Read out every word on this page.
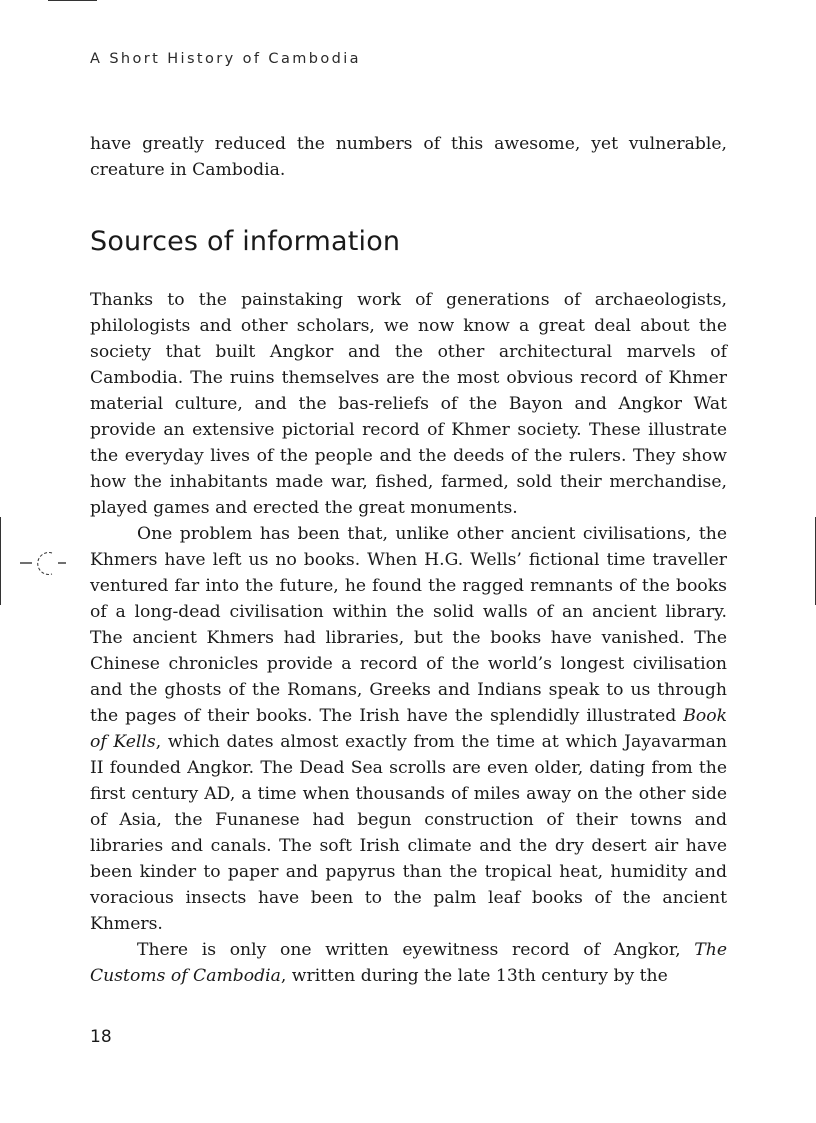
A Short History of Cambodia

have greatly reduced the numbers of this awesome, yet vulnerable, creature in Cambodia.

Sources of information

Thanks to the painstaking work of generations of archaeologists, philologists and other scholars, we now know a great deal about the society that built Angkor and the other architectural marvels of Cambodia. The ruins themselves are the most obvious record of Khmer material culture, and the bas-reliefs of the Bayon and Angkor Wat provide an extensive pictorial record of Khmer society. These illustrate the everyday lives of the people and the deeds of the rulers. They show how the inhabitants made war, fished, farmed, sold their merchandise, played games and erected the great monuments.

One problem has been that, unlike other ancient civilisations, the Khmers have left us no books. When H.G. Wells’ fictional time traveller ventured far into the future, he found the ragged remnants of the books of a long-dead civilisation within the solid walls of an ancient library. The ancient Khmers had libraries, but the books have vanished. The Chinese chronicles provide a record of the world’s longest civilisation and the ghosts of the Romans, Greeks and Indians speak to us through the pages of their books. The Irish have the splendidly illustrated Book of Kells, which dates almost exactly from the time at which Jayavarman II founded Angkor. The Dead Sea scrolls are even older, dating from the first century AD, a time when thousands of miles away on the other side of Asia, the Funanese had begun construction of their towns and libraries and canals. The soft Irish climate and the dry desert air have been kinder to paper and papyrus than the tropical heat, humidity and voracious insects have been to the palm leaf books of the ancient Khmers.

There is only one written eyewitness record of Angkor, The Customs of Cambodia, written during the late 13th century by the

18
